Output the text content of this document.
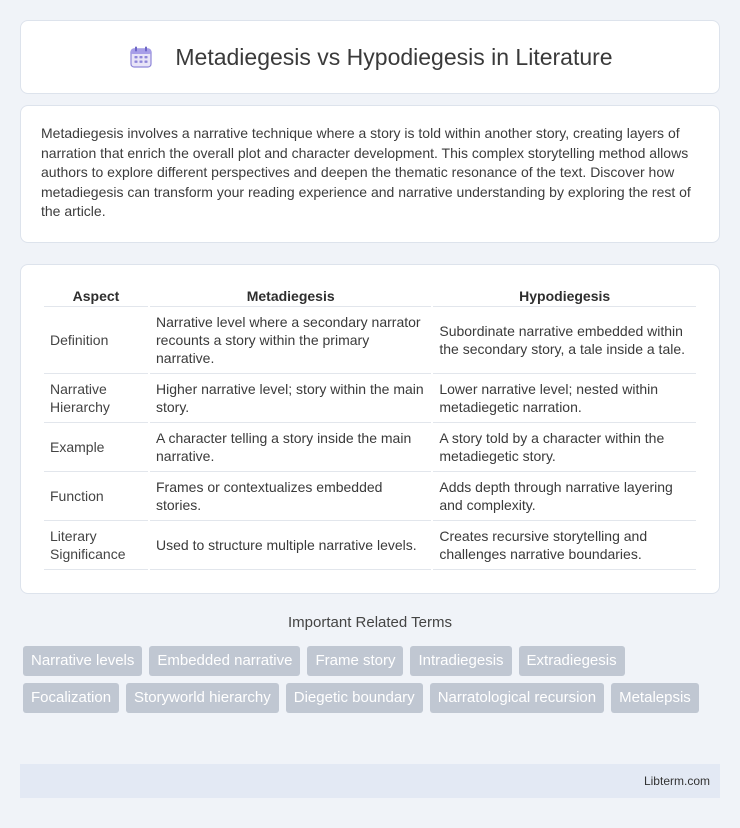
Metadiegesis vs Hypodiegesis in Literature

Metadiegesis involves a narrative technique where a story is told within another story, creating layers of narration that enrich the overall plot and character development. This complex storytelling method allows authors to explore different perspectives and deepen the thematic resonance of the text. Discover how metadiegesis can transform your reading experience and narrative understanding by exploring the rest of the article.

Aspect	Metadiegesis	Hypodiegesis
Definition	Narrative level where a secondary narrator recounts a story within the primary narrative.	Subordinate narrative embedded within the secondary story, a tale inside a tale.
Narrative Hierarchy	Higher narrative level; story within the main story.	Lower narrative level; nested within metadiegetic narration.
Example	A character telling a story inside the main narrative.	A story told by a character within the metadiegetic story.
Function	Frames or contextualizes embedded stories.	Adds depth through narrative layering and complexity.
Literary Significance	Used to structure multiple narrative levels.	Creates recursive storytelling and challenges narrative boundaries.
Important Related Terms
Narrative levels	Embedded narrative	Frame story	Intradiegesis	Extradiegesis
Focalization	Storyworld hierarchy	Diegetic boundary	Narratological recursion	Metalepsis
Libterm.com
